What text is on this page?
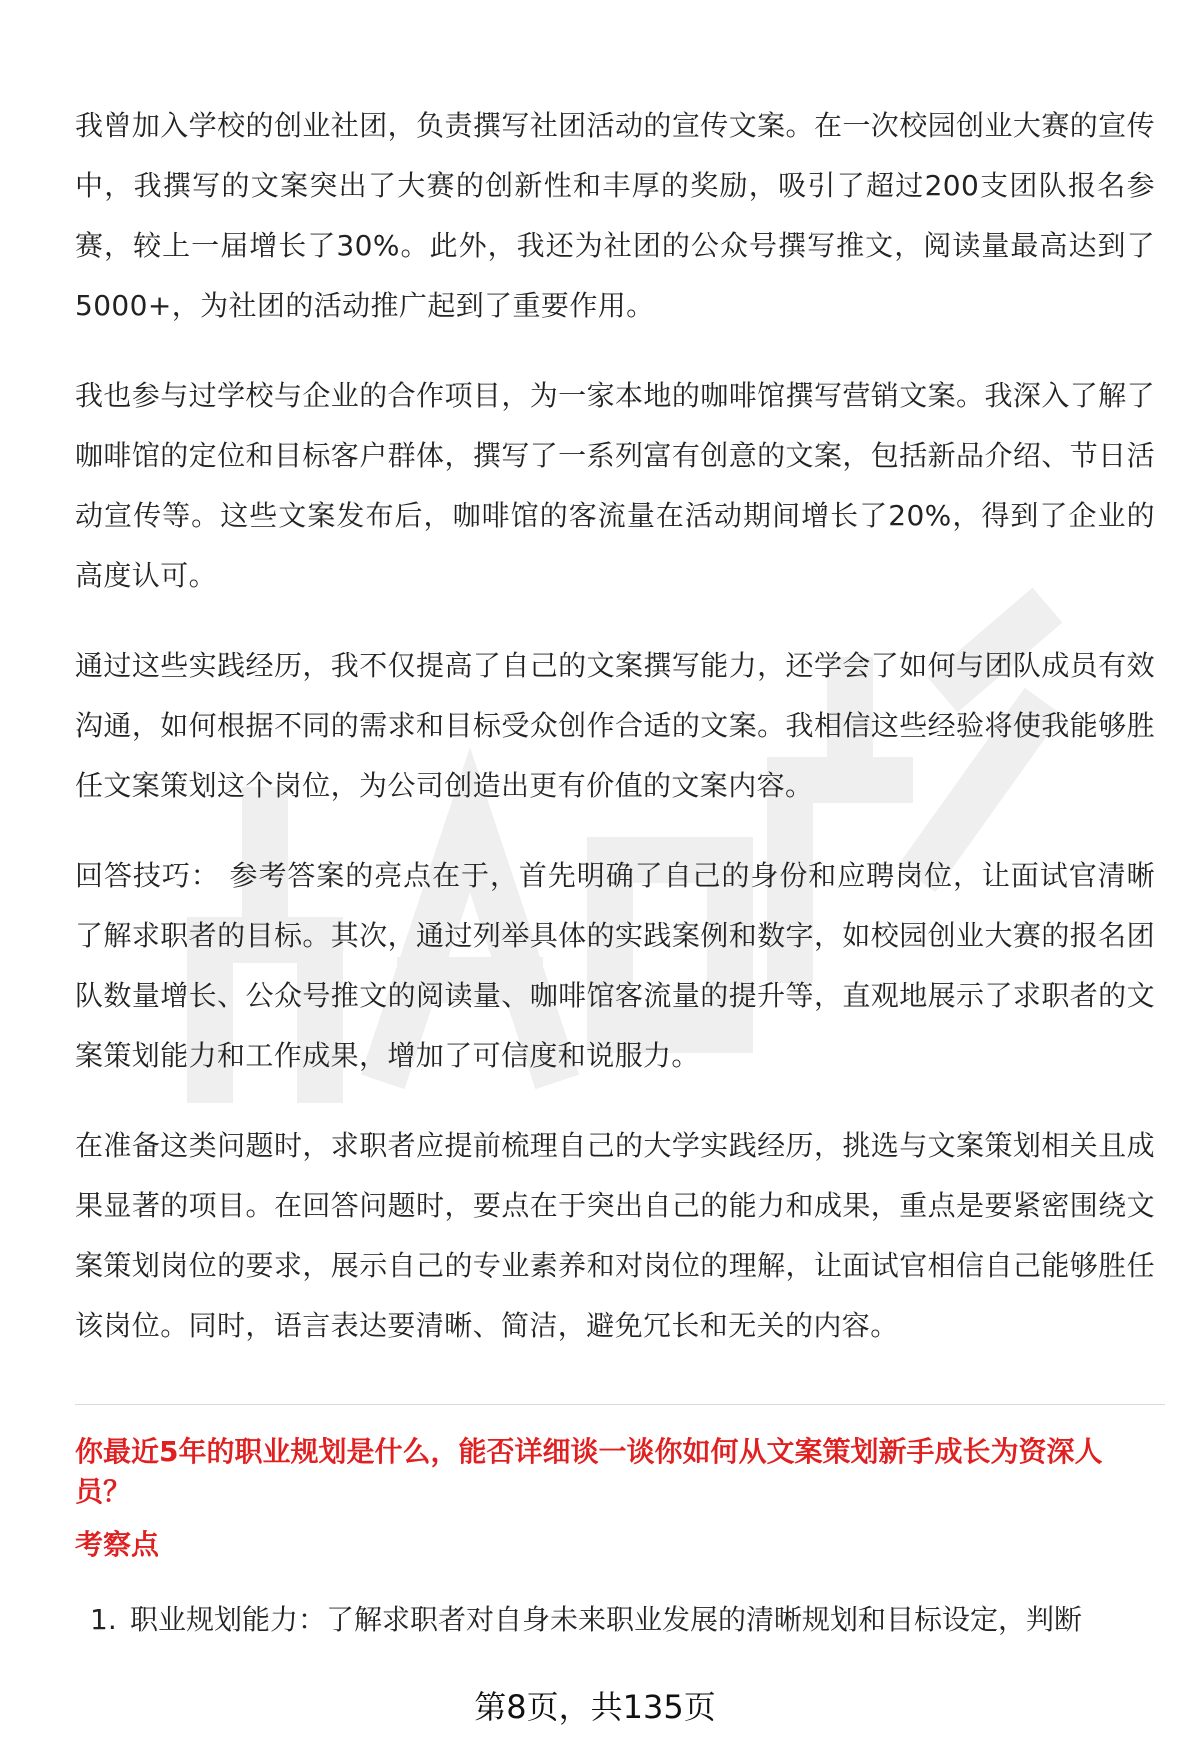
我曾加入学校的创业社团，负责撰写社团活动的宣传文案。在一次校园创业大赛的宣传中，我撰写的文案突出了大赛的创新性和丰厚的奖励，吸引了超过200支团队报名参赛，较上一届增长了30%。此外，我还为社团的公众号撰写推文，阅读量最高达到了5000+，为社团的活动推广起到了重要作用。

我也参与过学校与企业的合作项目，为一家本地的咖啡馆撰写营销文案。我深入了解了咖啡馆的定位和目标客户群体，撰写了一系列富有创意的文案，包括新品介绍、节日活动宣传等。这些文案发布后，咖啡馆的客流量在活动期间增长了20%，得到了企业的高度认可。

通过这些实践经历，我不仅提高了自己的文案撰写能力，还学会了如何与团队成员有效沟通，如何根据不同的需求和目标受众创作合适的文案。我相信这些经验将使我能够胜任文案策划这个岗位，为公司创造出更有价值的文案内容。

回答技巧： 参考答案的亮点在于，首先明确了自己的身份和应聘岗位，让面试官清晰了解求职者的目标。其次，通过列举具体的实践案例和数字，如校园创业大赛的报名团队数量增长、公众号推文的阅读量、咖啡馆客流量的提升等，直观地展示了求职者的文案策划能力和工作成果，增加了可信度和说服力。

在准备这类问题时，求职者应提前梳理自己的大学实践经历，挑选与文案策划相关且成果显著的项目。在回答问题时，要点在于突出自己的能力和成果，重点是要紧密围绕文案策划岗位的要求，展示自己的专业素养和对岗位的理解，让面试官相信自己能够胜任该岗位。同时，语言表达要清晰、简洁，避免冗长和无关的内容。

你最近5年的职业规划是什么，能否详细谈一谈你如何从文案策划新手成长为资深人员？
考察点

1. 职业规划能力：了解求职者对自身未来职业发展的清晰规划和目标设定，判断

第8页，共135页
